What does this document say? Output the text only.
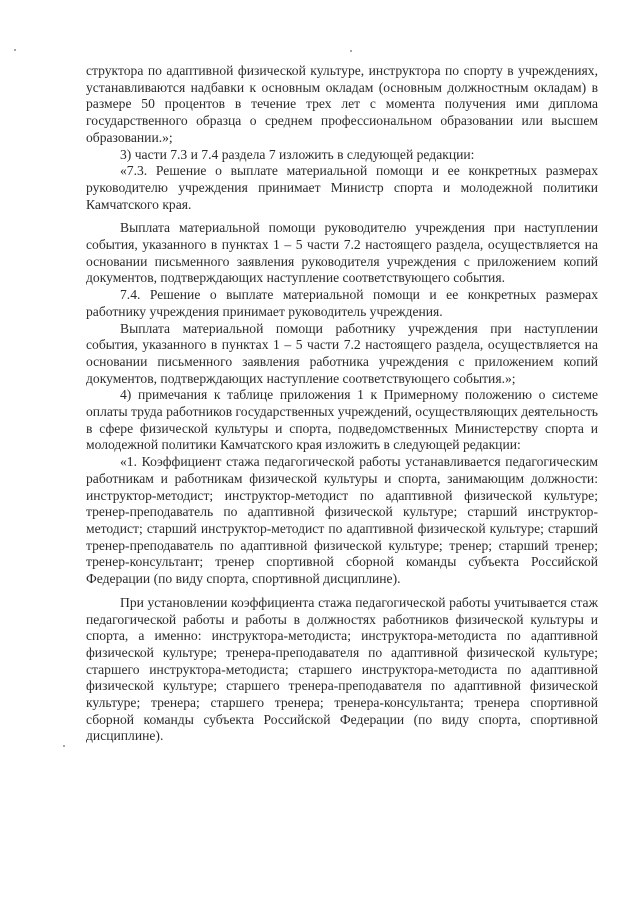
структора по адаптивной физической культуре, инструктора по спорту в учреждениях, устанавливаются надбавки к основным окладам (основным должностным окладам) в размере 50 процентов в течение трех лет с момента получения ими диплома государственного образца о среднем профессиональном образовании или высшем образовании.»;

3) части 7.3 и 7.4 раздела 7 изложить в следующей редакции:

«7.3. Решение о выплате материальной помощи и ее конкретных размерах руководителю учреждения принимает Министр спорта и молодежной политики Камчатского края.

Выплата материальной помощи руководителю учреждения при наступлении события, указанного в пунктах 1 – 5 части 7.2 настоящего раздела, осуществляется на основании письменного заявления руководителя учреждения с приложением копий документов, подтверждающих наступление соответствующего события.

7.4. Решение о выплате материальной помощи и ее конкретных размерах работнику учреждения принимает руководитель учреждения.

Выплата материальной помощи работнику учреждения при наступлении события, указанного в пунктах 1 – 5 части 7.2 настоящего раздела, осуществляется на основании письменного заявления работника учреждения с приложением копий документов, подтверждающих наступление соответствующего события.»;

4) примечания к таблице приложения 1 к Примерному положению о системе оплаты труда работников государственных учреждений, осуществляющих деятельность в сфере физической культуры и спорта, подведомственных Министерству спорта и молодежной политики Камчатского края изложить в следующей редакции:

«1. Коэффициент стажа педагогической работы устанавливается педагогическим работникам и работникам физической культуры и спорта, занимающим должности: инструктор-методист; инструктор-методист по адаптивной физической культуре; тренер-преподаватель по адаптивной физической культуре; старший инструктор-методист; старший инструктор-методист по адаптивной физической культуре; старший тренер-преподаватель по адаптивной физической культуре; тренер; старший тренер; тренер-консультант; тренер спортивной сборной команды субъекта Российской Федерации (по виду спорта, спортивной дисциплине).

При установлении коэффициента стажа педагогической работы учитывается стаж педагогической работы и работы в должностях работников физической культуры и спорта, а именно: инструктора-методиста; инструктора-методиста по адаптивной физической культуре; тренера-преподавателя по адаптивной физической культуре; старшего инструктора-методиста; старшего инструктора-методиста по адаптивной физической культуре; старшего тренера-преподавателя по адаптивной физической культуре; тренера; старшего тренера; тренера-консультанта; тренера спортивной сборной команды субъекта Российской Федерации (по виду спорта, спортивной дисциплине).
